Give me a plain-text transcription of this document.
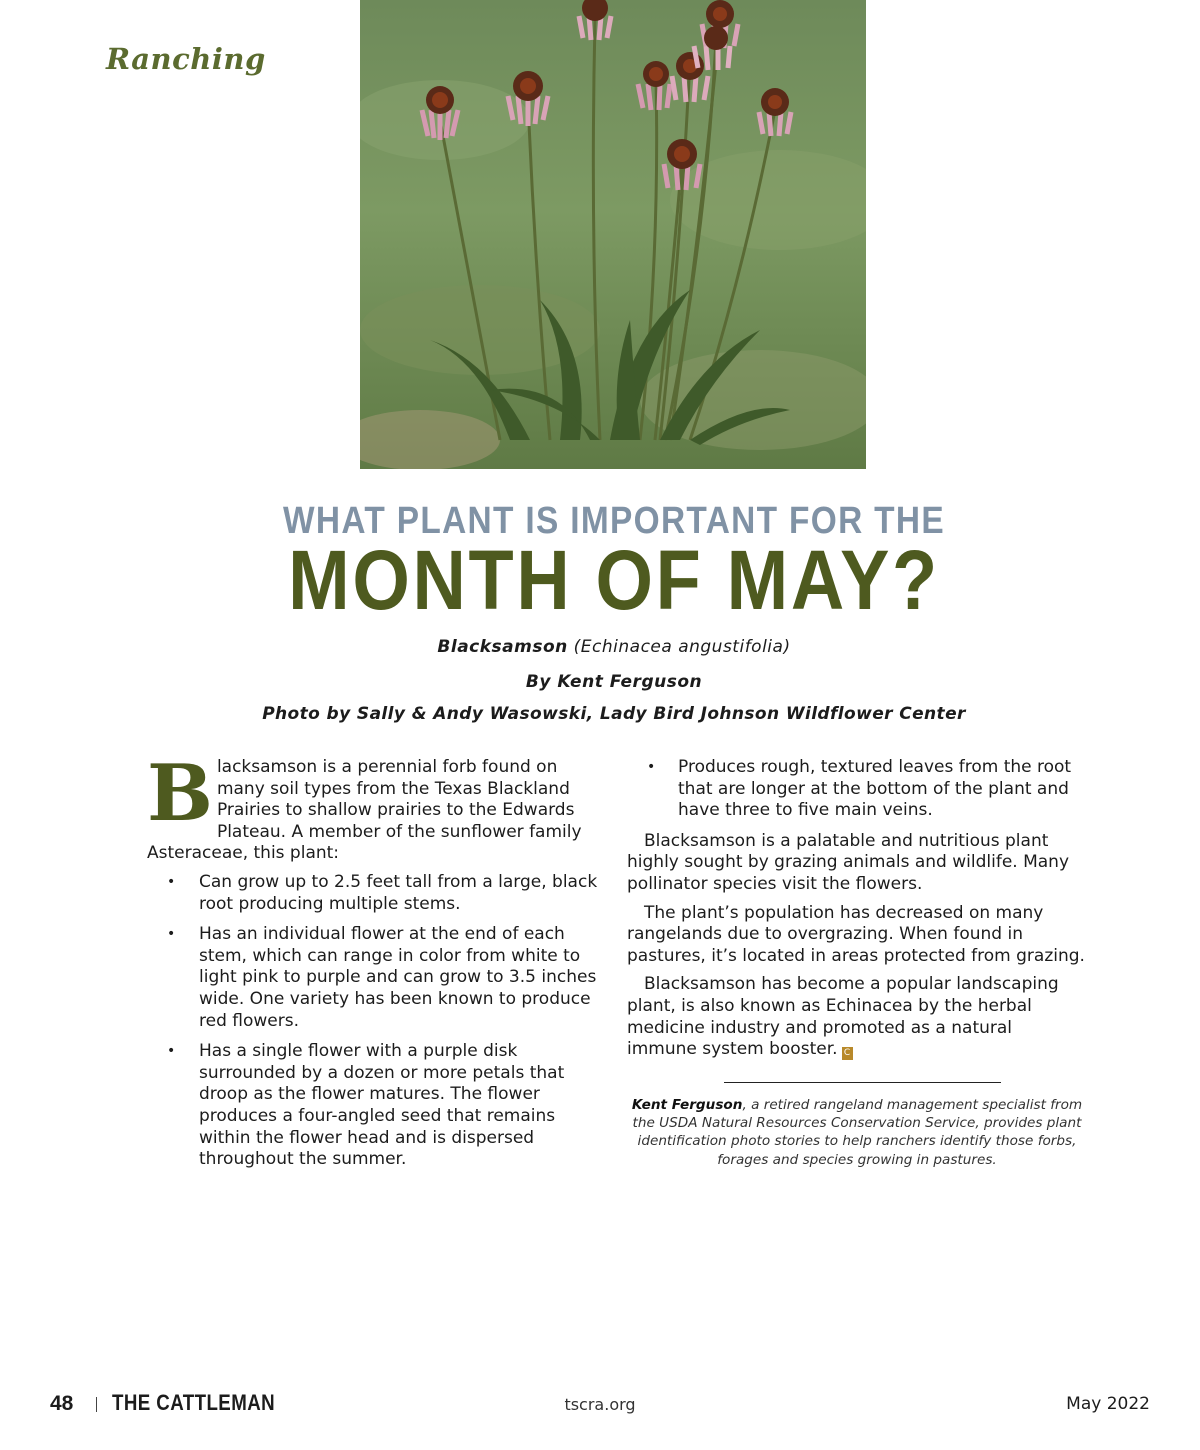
Ranching
WHAT PLANT IS IMPORTANT FOR THE
MONTH OF MAY?
Blacksamson (Echinacea angustifolia)
By Kent Ferguson
Photo by Sally & Andy Wasowski, Lady Bird Johnson Wildflower Center

Blacksamson is a perennial forb found on many soil types from the Texas Blackland Prairies to shallow prairies to the Edwards Plateau. A member of the sunflower family Asteraceae, this plant:

• Can grow up to 2.5 feet tall from a large, black root producing multiple stems.
• Has an individual flower at the end of each stem, which can range in color from white to light pink to purple and can grow to 3.5 inches wide. One variety has been known to produce red flowers.
• Has a single flower with a purple disk surrounded by a dozen or more petals that droop as the flower matures. The flower produces a four-angled seed that remains within the flower head and is dispersed throughout the summer.
• Produces rough, textured leaves from the root that are longer at the bottom of the plant and have three to five main veins.

Blacksamson is a palatable and nutritious plant highly sought by grazing animals and wildlife. Many pollinator species visit the flowers.

The plant’s population has decreased on many rangelands due to overgrazing. When found in pastures, it’s located in areas protected from grazing.

Blacksamson has become a popular landscaping plant, is also known as Echinacea by the herbal medicine industry and promoted as a natural immune system booster. C

Kent Ferguson, a retired rangeland management specialist from the USDA Natural Resources Conservation Service, provides plant identification photo stories to help ranchers identify those forbs, forages and species growing in pastures.
48 THE CATTLEMAN	tscra.org	May 2022
